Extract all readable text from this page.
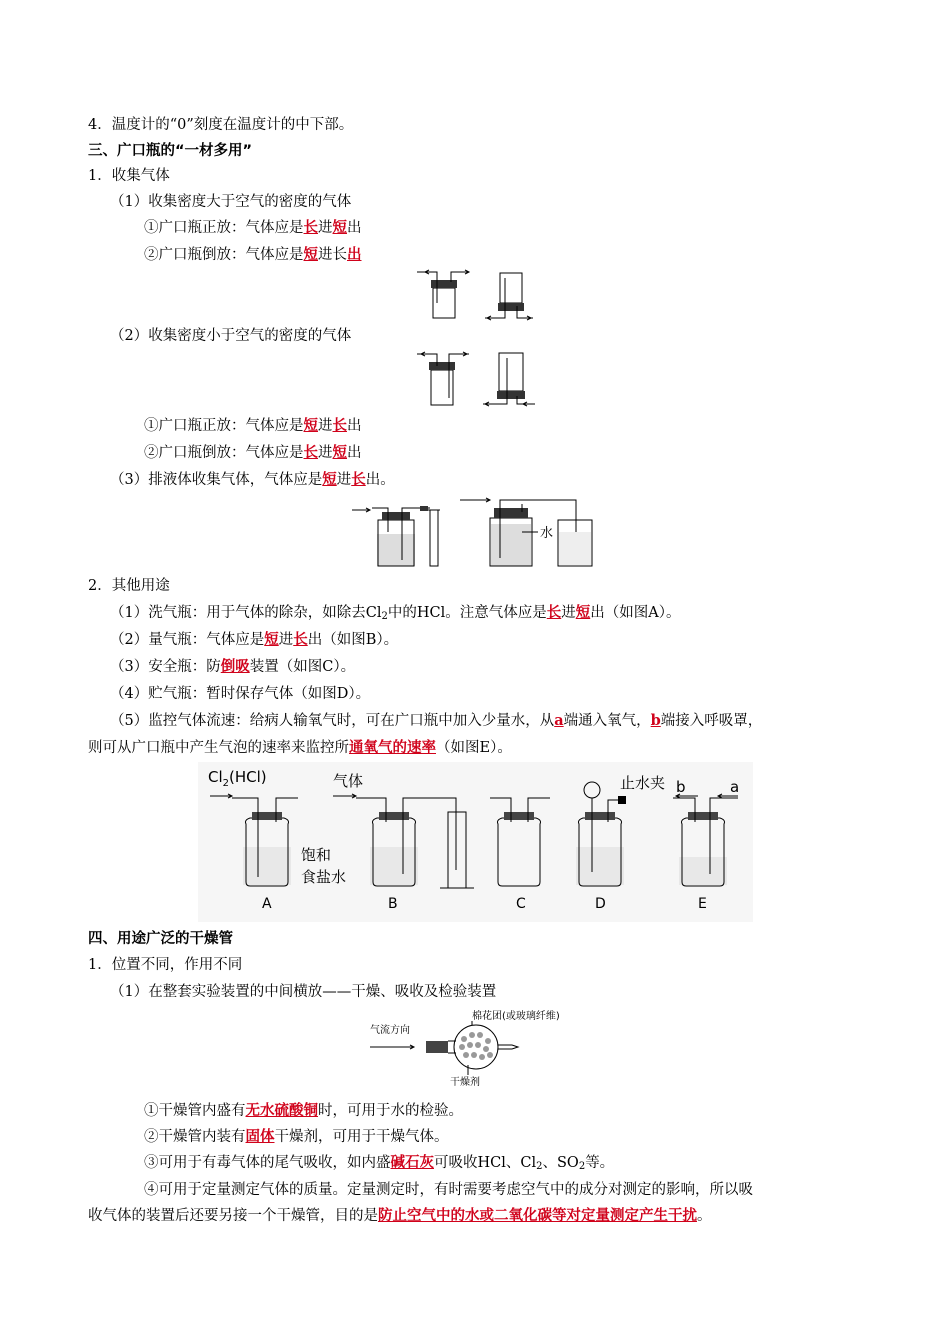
4．温度计的“0”刻度在温度计的中下部。
三、广口瓶的“一材多用”
1．收集气体
（1）收集密度大于空气的密度的气体
①广口瓶正放：气体应是长进短出
②广口瓶倒放：气体应是短进长出
（2）收集密度小于空气的密度的气体
①广口瓶正放：气体应是短进长出
②广口瓶倒放：气体应是长进短出
（3）排液体收集气体，气体应是短进长出。
水
2．其他用途
（1）洗气瓶：用于气体的除杂，如除去$Cl_2$中的HCl。注意气体应是长进短出（如图A）。
（2）量气瓶：气体应是短进长出（如图B）。
（3）安全瓶：防倒吸装置（如图C）。
（4）贮气瓶：暂时保存气体（如图D）。
（5）监控气体流速：给病人输氧气时，可在广口瓶中加入少量水，从a端通入氧气，b端接入呼吸罩，
则可从广口瓶中产生气泡的速率来监控所通氧气的速率（如图E）。
$Cl_2(HCl)$	气体	止水夹 b	a
饱和
食盐水
A	B	C	D	E
四、用途广泛的干燥管
1．位置不同，作用不同
（1）在整套实验装置的中间横放——干燥、吸收及检验装置
气流方向
棉花团(或玻璃纤维)
干燥剂
①干燥管内盛有无水硫酸铜时，可用于水的检验。
②干燥管内装有固体干燥剂，可用于干燥气体。
③可用于有毒气体的尾气吸收，如内盛碱石灰可吸收HCl、$Cl_2$、$SO_2$等。
④可用于定量测定气体的质量。定量测定时，有时需要考虑空气中的成分对测定的影响，所以吸
收气体的装置后还要另接一个干燥管，目的是防止空气中的水或二氧化碳等对定量测定产生干扰。
